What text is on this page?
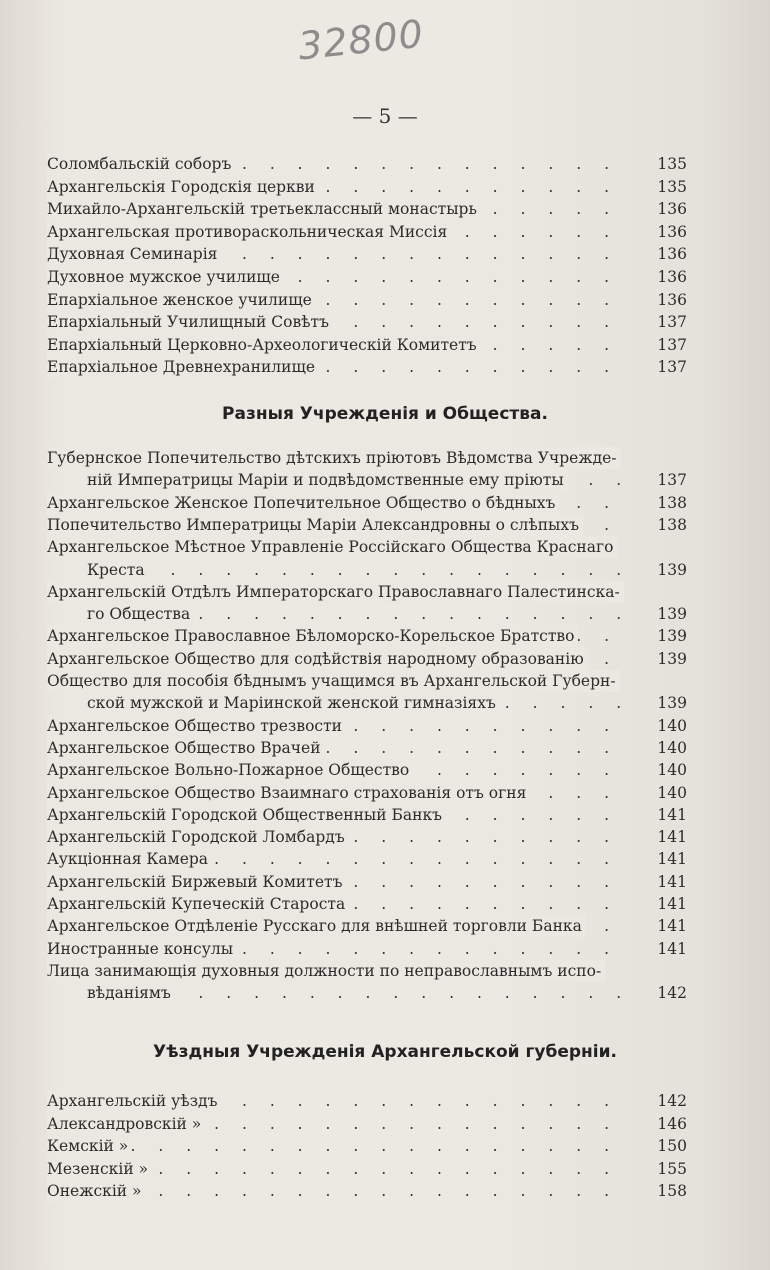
32800
— 5 —
. . .
Соломбальскій соборъ	135
. . .
Архангельскія Городскія церкви	135
. . .
Михайло-Архангельскій третьеклассный монастырь	136
. . .
Архангельская противораскольническая Миссія	136
. . .
Духовная Семинарія	136
. . .
Духовное мужское училище	136
. . .
Епархіальное женское училище	136
. . .
Епархіальный Училищный Совѣтъ	137
. . .
Епархіальный Церковно-Археологическій Комитетъ	137
. . .
Епархіальное Древнехранилище	137
Разныя Учрежденія и Общества.
Губернское Попечительство дѣтскихъ пріютовъ Вѣдомства Учрежде-
. . .
ній Императрицы Маріи и подвѣдомственные ему пріюты	137
. . .
Архангельское Женское Попечительное Общество о бѣдныхъ	138
. . .
Попечительство Императрицы Маріи Александровны о слѣпыхъ	138
Архангельское Мѣстное Управленіе Россійскаго Общества Краснаго
. . .
Креста	139
Архангельскій Отдѣлъ Императорскаго Православнаго Палестинска-
. . .
го Общества	139
. . .
Архангельское Православное Бѣломорско-Корельское Братство	139
. . .
Архангельское Общество для содѣйствія народному образованію	139
Общество для пособія бѣднымъ учащимся въ Архангельской Губерн-
. . .
ской мужской и Маріинской женской гимназіяхъ	139
. . .
Архангельское Общество трезвости	140
. . .
Архангельское Общество Врачей	140
. . .
Архангельское Вольно-Пожарное Общество	140
. . .
Архангельское Общество Взаимнаго страхованія отъ огня	140
. . .
Архангельскій Городской Общественный Банкъ	141
. . .
Архангельскій Городской Ломбардъ	141
. . .
Аукціонная Камера	141
. . .
Архангельскій Биржевый Комитетъ	141
. . .
Архангельскій Купеческій Староста	141
. . .
Архангельское Отдѣленіе Русскаго для внѣшней торговли Банка	141
. . .
Иностранные консулы	141
Лица занимающія духовныя должности по неправославнымъ испо-
. . .
вѣданіямъ	142
Уѣздныя Учрежденія Архангельской губерніи.
. . .
Архангельскій уѣздъ	142
. . .
Александровскій »	146
. . .
Кемскій »	150
. . .
Мезенскій »	155
. . .
Онежскій »	158
